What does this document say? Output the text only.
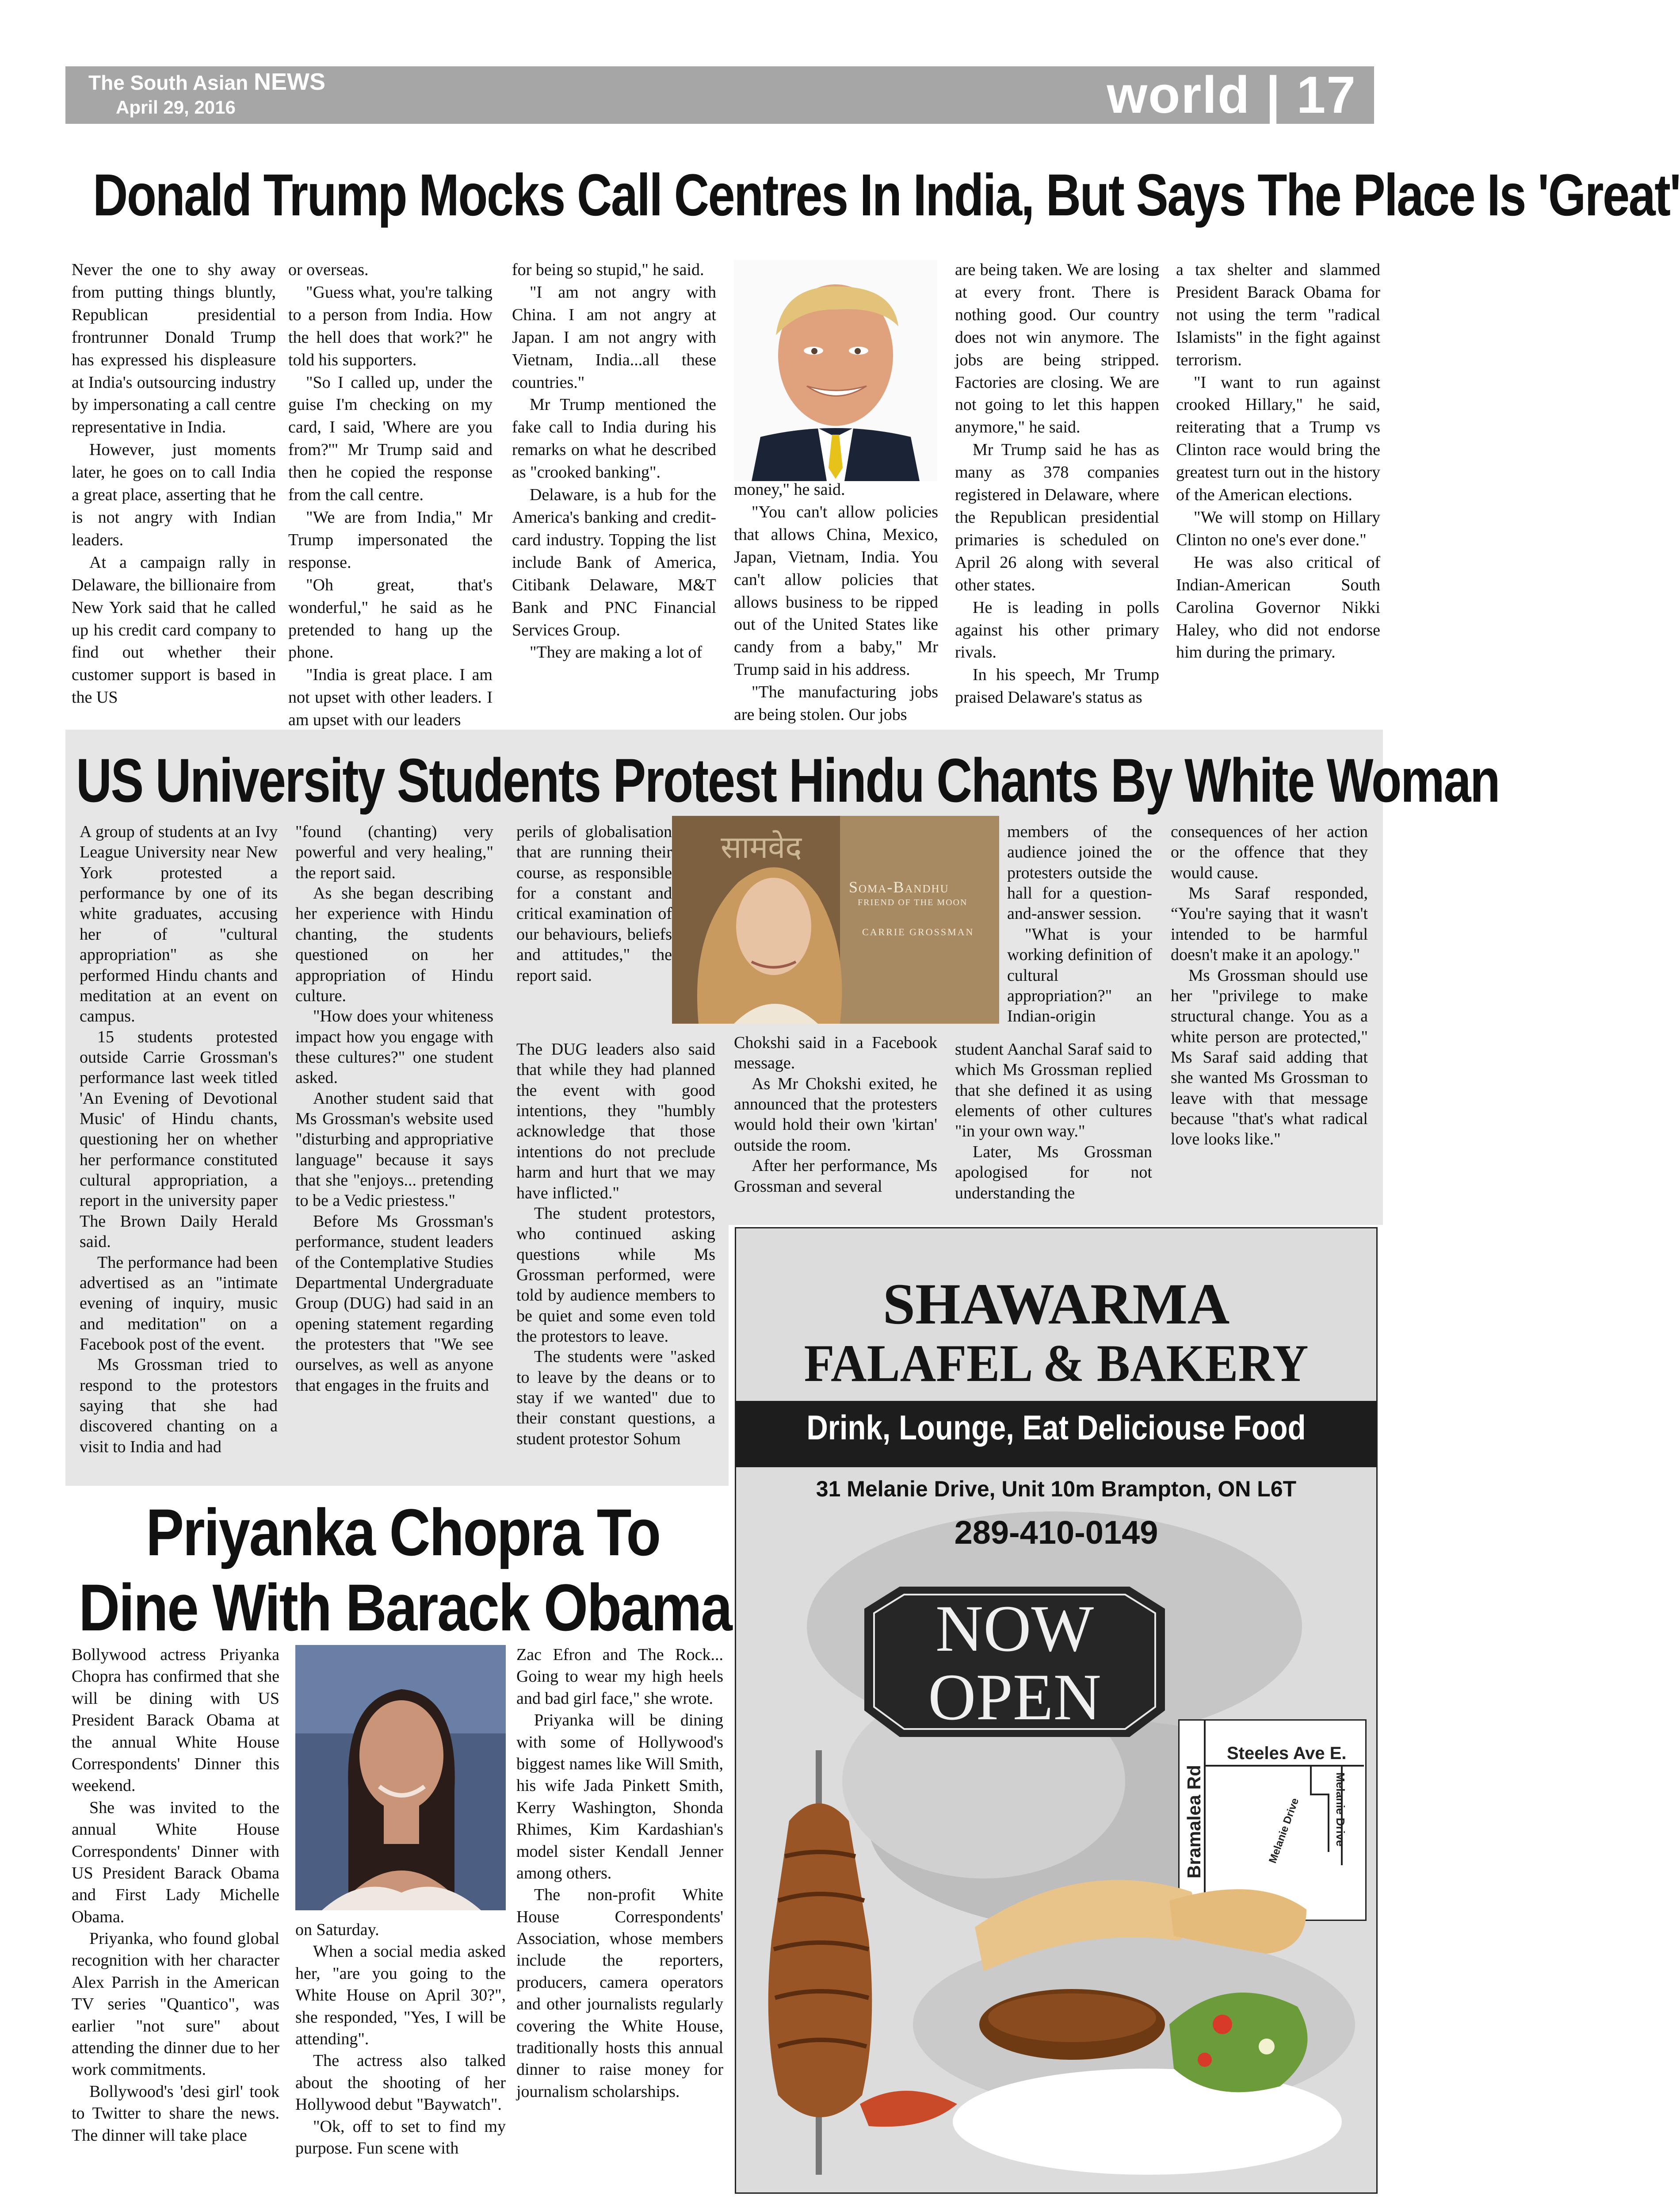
The South Asian NEWS
April 29, 2016	world | 17
Donald Trump Mocks Call Centres In India, But Says The Place Is 'Great'

Never the one to shy away from putting things bluntly, Republican presidential frontrunner Donald Trump has expressed his displeasure at India's outsourcing industry by impersonating a call centre representative in India.

However, just moments later, he goes on to call India a great place, asserting that he is not angry with Indian leaders.

At a campaign rally in Delaware, the billionaire from New York said that he called up his credit card company to find out whether their customer support is based in the US

or overseas.

"Guess what, you're talking to a person from India. How the hell does that work?" he told his supporters.

"So I called up, under the guise I'm checking on my card, I said, 'Where are you from?'" Mr Trump said and then he copied the response from the call centre.

"We are from India," Mr Trump impersonated the response.

"Oh great, that's wonderful," he said as he pretended to hang up the phone.

"India is great place. I am not upset with other leaders. I am upset with our leaders

for being so stupid," he said.

"I am not angry with China. I am not angry at Japan. I am not angry with Vietnam, India...all these countries."

Mr Trump mentioned the fake call to India during his remarks on what he described as "crooked banking".

Delaware, is a hub for the America's banking and credit-card industry. Topping the list include Bank of America, Citibank Delaware, M&T Bank and PNC Financial Services Group.

"They are making a lot of

money," he said.

"You can't allow policies that allows China, Mexico, Japan, Vietnam, India. You can't allow policies that allows business to be ripped out of the United States like candy from a baby," Mr Trump said in his address.

"The manufacturing jobs are being stolen. Our jobs

are being taken. We are losing at every front. There is nothing good. Our country does not win anymore. The jobs are being stripped. Factories are closing. We are not going to let this happen anymore," he said.

Mr Trump said he has as many as 378 companies registered in Delaware, where the Republican presidential primaries is scheduled on April 26 along with several other states.

He is leading in polls against his other primary rivals.

In his speech, Mr Trump praised Delaware's status as

a tax shelter and slammed President Barack Obama for not using the term "radical Islamists" in the fight against terrorism.

"I want to run against crooked Hillary," he said, reiterating that a Trump vs Clinton race would bring the greatest turn out in the history of the American elections.

"We will stomp on Hillary Clinton no one's ever done."

He was also critical of Indian-American South Carolina Governor Nikki Haley, who did not endorse him during the primary.

US University Students Protest Hindu Chants By White Woman

A group of students at an Ivy League University near New York protested a performance by one of its white graduates, accusing her of "cultural appropriation" as she performed Hindu chants and meditation at an event on campus.

15 students protested outside Carrie Grossman's performance last week titled 'An Evening of Devotional Music' of Hindu chants, questioning her on whether her performance constituted cultural appropriation, a report in the university paper The Brown Daily Herald said.

The performance had been advertised as an "intimate evening of inquiry, music and meditation" on a Facebook post of the event.

Ms Grossman tried to respond to the protestors saying that she had discovered chanting on a visit to India and had

"found (chanting) very powerful and very healing," the report said.

As she began describing her experience with Hindu chanting, the students questioned on her appropriation of Hindu culture.

"How does your whiteness impact how you engage with these cultures?" one student asked.

Another student said that Ms Grossman's website used "disturbing and appropriative language" because it says that she "enjoys... pretending to be a Vedic priestess."

Before Ms Grossman's performance, student leaders of the Contemplative Studies Departmental Undergraduate Group (DUG) had said in an opening statement regarding the protesters that "We see ourselves, as well as anyone that engages in the fruits and

perils of globalisation that are running their course, as responsible for a constant and critical examination of our behaviours, beliefs and attitudes," the report said.

The DUG leaders also said that while they had planned the event with good intentions, they "humbly acknowledge that those intentions do not preclude harm and hurt that we may have inflicted."

The student protestors, who continued asking questions while Ms Grossman performed, were told by audience members to be quiet and some even told the protestors to leave.

The students were "asked to leave by the deans or to stay if we wanted" due to their constant questions, a student protestor Sohum

सामवेद
Soma-Bandhu
FRIEND OF THE MOON
CARRIE GROSSMAN

Chokshi said in a Facebook message.

As Mr Chokshi exited, he announced that the protesters would hold their own 'kirtan' outside the room.

After her performance, Ms Grossman and several

members of the audience joined the protesters outside the hall for a question-and-answer session.

"What is your working definition of cultural appropriation?" an Indian-origin

student Aanchal Saraf said to which Ms Grossman replied that she defined it as using elements of other cultures "in your own way."

Later, Ms Grossman apologised for not understanding the

consequences of her action or the offence that they would cause.

Ms Saraf responded, “You're saying that it wasn't intended to be harmful doesn't make it an apology."

Ms Grossman should use her "privilege to make structural change. You as a white person are protected," Ms Saraf said adding that she wanted Ms Grossman to leave with that message because "that's what radical love looks like."

Priyanka Chopra To
Dine With Barack Obama

Bollywood actress Priyanka Chopra has confirmed that she will be dining with US President Barack Obama at the annual White House Correspondents' Dinner this weekend.

She was invited to the annual White House Correspondents' Dinner with US President Barack Obama and First Lady Michelle Obama.

Priyanka, who found global recognition with her character Alex Parrish in the American TV series "Quantico", was earlier "not sure" about attending the dinner due to her work commitments.

Bollywood's 'desi girl' took to Twitter to share the news. The dinner will take place

on Saturday.

When a social media asked her, "are you going to the White House on April 30?", she responded, "Yes, I will be attending".

The actress also talked about the shooting of her Hollywood debut "Baywatch".

"Ok, off to set to find my purpose. Fun scene with

Zac Efron and The Rock... Going to wear my high heels and bad girl face," she wrote.

Priyanka will be dining with some of Hollywood's biggest names like Will Smith, his wife Jada Pinkett Smith, Kerry Washington, Shonda Rhimes, Kim Kardashian's model sister Kendall Jenner among others.

The non-profit White House Correspondents' Association, whose members include the reporters, producers, camera operators and other journalists regularly covering the White House, traditionally hosts this annual dinner to raise money for journalism scholarships.

SHAWARMA
FALAFEL & BAKERY
Drink, Lounge, Eat Deliciouse Food
31 Melanie Drive, Unit 10m Brampton, ON L6T
289-410-0149
NOW
OPEN
Steeles Ave E.
Bramalea Rd	Melanie Drive	Melanie Drive
